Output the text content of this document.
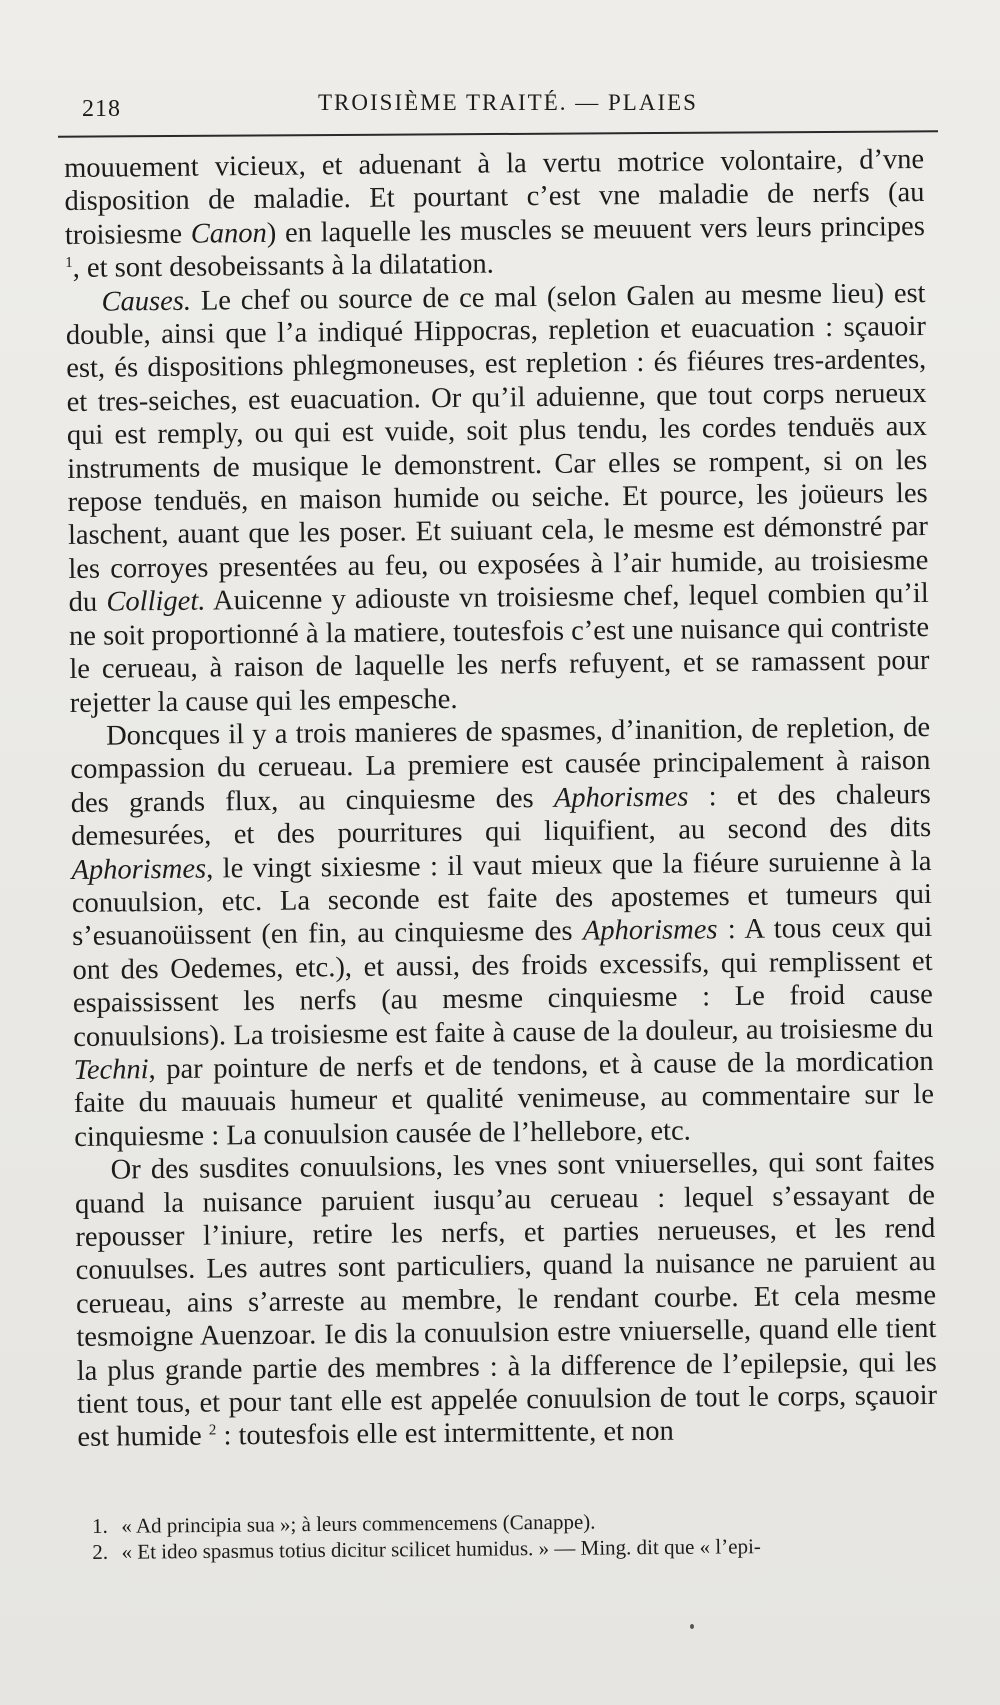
218	TROISIÈME TRAITÉ. — PLAIES

mouuement vicieux, et aduenant à la vertu motrice volontaire, d’vne disposition de maladie. Et pourtant c’est vne maladie de nerfs (au troisiesme Canon) en laquelle les muscles se meuuent vers leurs principes $^1$, et sont desobeissants à la dilatation.

Causes. Le chef ou source de ce mal (selon Galen au mesme lieu) est double, ainsi que l’a indiqué Hippocras, repletion et euacuation : sçauoir est, és dispositions phlegmoneuses, est repletion : és fiéures tres-ardentes, et tres-seiches, est euacuation. Or qu’il aduienne, que tout corps nerueux qui est remply, ou qui est vuide, soit plus tendu, les cordes tenduës aux instruments de musique le demonstrent. Car elles se rompent, si on les repose tenduës, en maison humide ou seiche. Et pource, les joüeurs les laschent, auant que les poser. Et suiuant cela, le mesme est démonstré par les corroyes presentées au feu, ou exposées à l’air humide, au troisiesme du Colliget. Auicenne y adiouste vn troisiesme chef, lequel combien qu’il ne soit proportionné à la matiere, toutesfois c’est une nuisance qui contriste le cerueau, à raison de laquelle les nerfs refuyent, et se ramassent pour rejetter la cause qui les empesche.

Doncques il y a trois manieres de spasmes, d’inanition, de repletion, de compassion du cerueau. La premiere est causée principalement à raison des grands flux, au cinquiesme des Aphorismes : et des chaleurs demesurées, et des pourritures qui liquifient, au second des dits Aphorismes, le vingt sixiesme : il vaut mieux que la fiéure suruienne à la conuulsion, etc. La seconde est faite des apostemes et tumeurs qui s’esuanoüissent (en fin, au cinquiesme des Aphorismes : A tous ceux qui ont des Oedemes, etc.), et aussi, des froids excessifs, qui remplissent et espaississent les nerfs (au mesme cinquiesme : Le froid cause conuulsions). La troisiesme est faite à cause de la douleur, au troisiesme du Techni, par pointure de nerfs et de tendons, et à cause de la mordication faite du mauuais humeur et qualité venimeuse, au commentaire sur le cinquiesme : La conuulsion causée de l’hellebore, etc.

Or des susdites conuulsions, les vnes sont vniuerselles, qui sont faites quand la nuisance paruient iusqu’au cerueau : lequel s’essayant de repousser l’iniure, retire les nerfs, et parties nerueuses, et les rend conuulses. Les autres sont particuliers, quand la nuisance ne paruient au cerueau, ains s’arreste au membre, le rendant courbe. Et cela mesme tesmoigne Auenzoar. Ie dis la conuulsion estre vniuerselle, quand elle tient la plus grande partie des membres : à la difference de l’epilepsie, qui les tient tous, et pour tant elle est appelée conuulsion de tout le corps, sçauoir est humide $^2$ : toutesfois elle est intermittente, et non

1. « Ad principia sua »; à leurs commencemens (Canappe).
2. « Et ideo spasmus totius dicitur scilicet humidus. » — Ming. dit que « l’epi-
